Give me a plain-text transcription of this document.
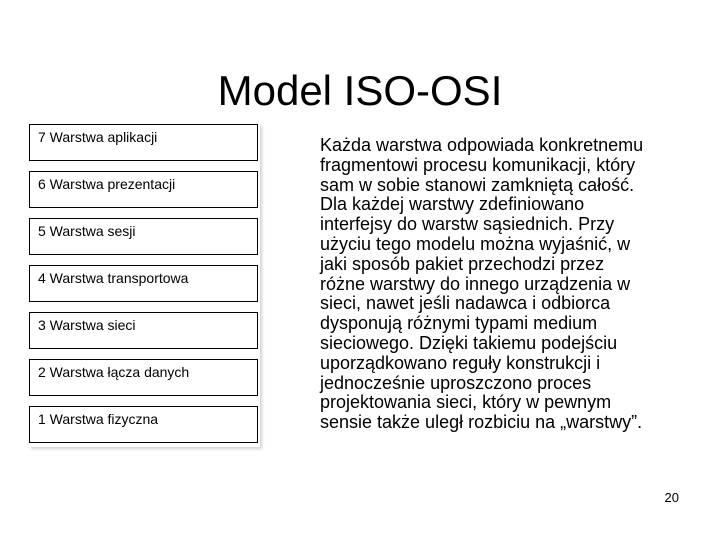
Model ISO-OSI
7 Warstwa aplikacji
6 Warstwa prezentacji
5 Warstwa sesji
4 Warstwa transportowa
3 Warstwa sieci
2 Warstwa łącza danych
1 Warstwa fizyczna
Każda warstwa odpowiada konkretnemu
fragmentowi procesu komunikacji, który
sam w sobie stanowi zamkniętą całość.
Dla każdej warstwy zdefiniowano
interfejsy do warstw sąsiednich. Przy
użyciu tego modelu można wyjaśnić, w
jaki sposób pakiet przechodzi przez
różne warstwy do innego urządzenia w
sieci, nawet jeśli nadawca i odbiorca
dysponują różnymi typami medium
sieciowego. Dzięki takiemu podejściu
uporządkowano reguły konstrukcji i
jednocześnie uproszczono proces
projektowania sieci, który w pewnym
sensie także uległ rozbiciu na „warstwy”.
20
